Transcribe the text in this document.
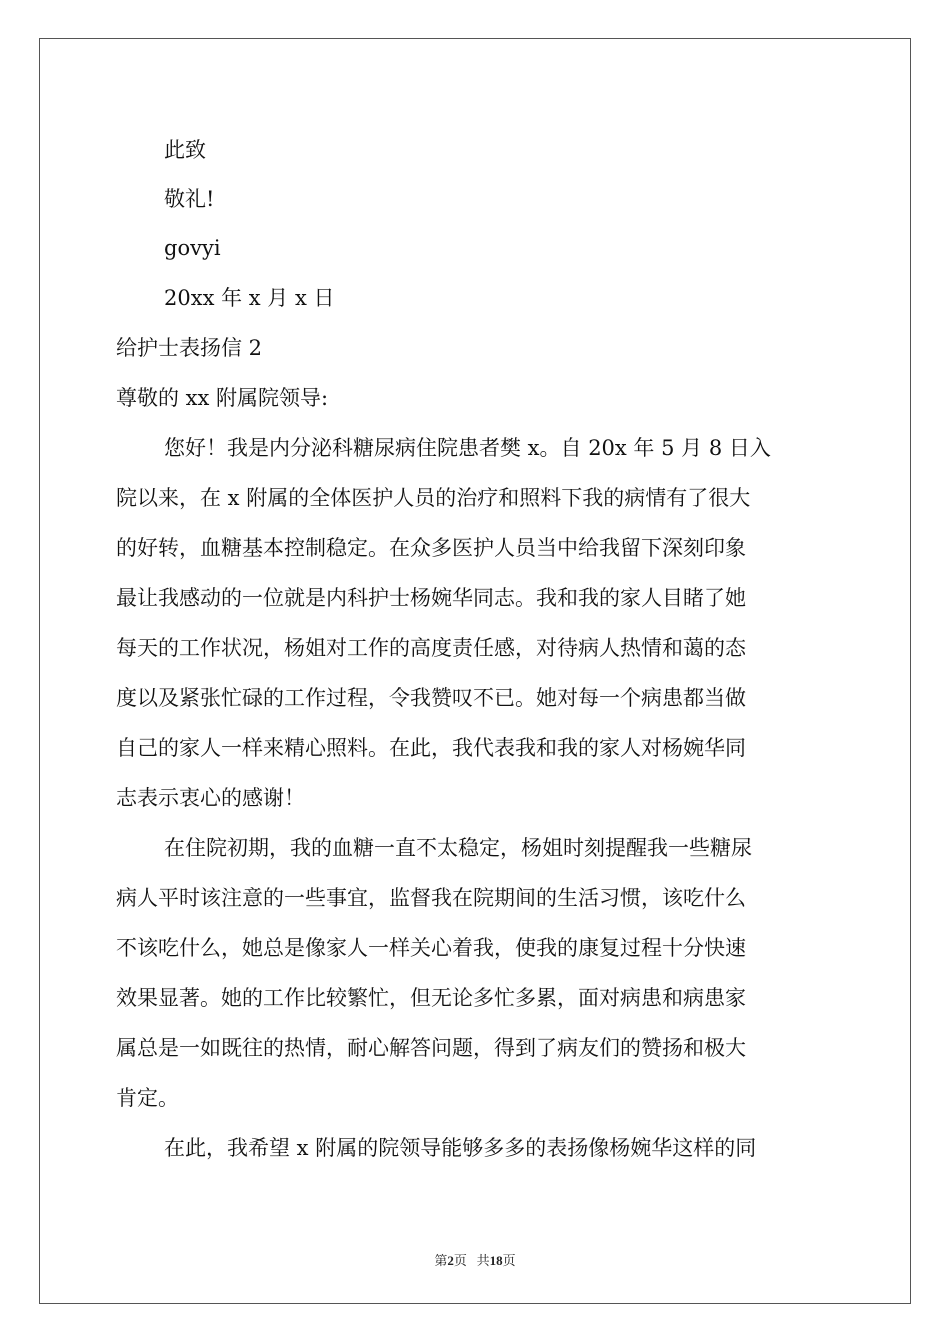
此致
敬礼!
govyi
20xx 年 x 月 x 日
给护士表扬信 2
尊敬的 xx 附属院领导:
您好！我是内分泌科糖尿病住院患者樊 x。自 20x 年 5 月 8 日入
院以来，在 x 附属的全体医护人员的治疗和照料下我的病情有了很大
的好转，血糖基本控制稳定。在众多医护人员当中给我留下深刻印象
最让我感动的一位就是内科护士杨婉华同志。我和我的家人目睹了她
每天的工作状况，杨姐对工作的高度责任感，对待病人热情和蔼的态
度以及紧张忙碌的工作过程，令我赞叹不已。她对每一个病患都当做
自己的家人一样来精心照料。在此，我代表我和我的家人对杨婉华同
志表示衷心的感谢！
在住院初期，我的血糖一直不太稳定，杨姐时刻提醒我一些糖尿
病人平时该注意的一些事宜，监督我在院期间的生活习惯，该吃什么
不该吃什么，她总是像家人一样关心着我，使我的康复过程十分快速
效果显著。她的工作比较繁忙，但无论多忙多累，面对病患和病患家
属总是一如既往的热情，耐心解答问题，得到了病友们的赞扬和极大
肯定。
在此，我希望 x 附属的院领导能够多多的表扬像杨婉华这样的同
第2页 共18页
